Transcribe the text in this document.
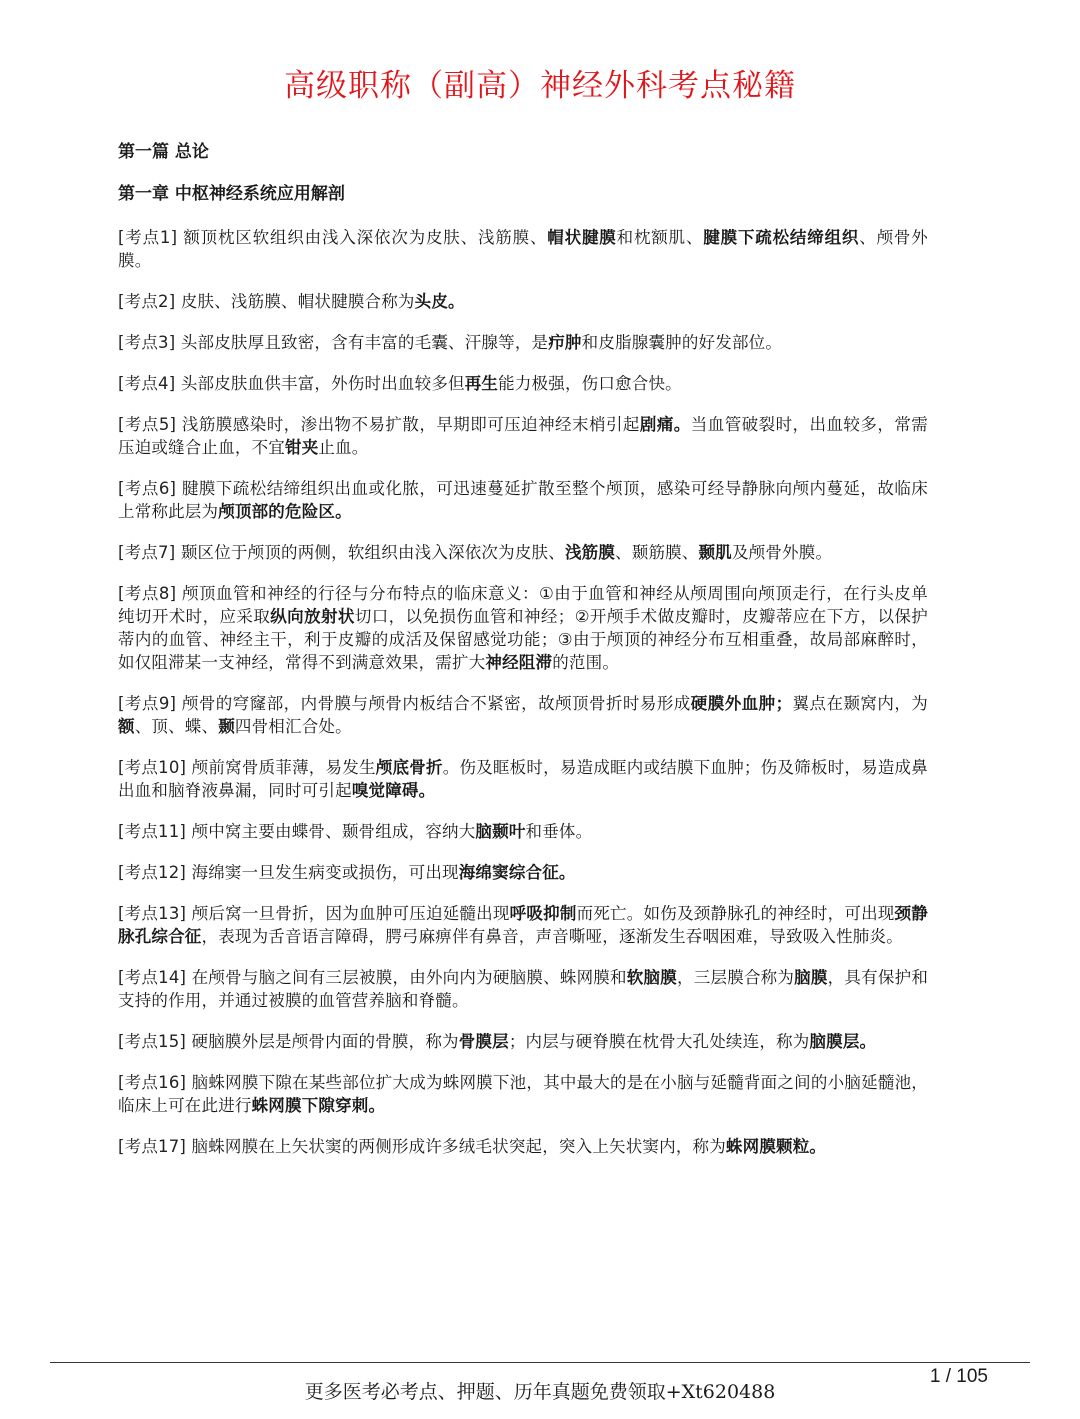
高级职称（副高）神经外科考点秘籍

第一篇 总论

第一章 中枢神经系统应用解剖

[考点1] 额顶枕区软组织由浅入深依次为皮肤、浅筋膜、帽状腱膜和枕额肌、腱膜下疏松结缔组织、颅骨外膜。

[考点2] 皮肤、浅筋膜、帽状腱膜合称为头皮。

[考点3] 头部皮肤厚且致密，含有丰富的毛囊、汗腺等，是疖肿和皮脂腺囊肿的好发部位。

[考点4] 头部皮肤血供丰富，外伤时出血较多但再生能力极强，伤口愈合快。

[考点5] 浅筋膜感染时，渗出物不易扩散，早期即可压迫神经末梢引起剧痛。当血管破裂时，出血较多，常需压迫或缝合止血，不宜钳夹止血。

[考点6] 腱膜下疏松结缔组织出血或化脓，可迅速蔓延扩散至整个颅顶，感染可经导静脉向颅内蔓延，故临床上常称此层为颅顶部的危险区。

[考点7] 颞区位于颅顶的两侧，软组织由浅入深依次为皮肤、浅筋膜、颞筋膜、颞肌及颅骨外膜。

[考点8] 颅顶血管和神经的行径与分布特点的临床意义：①由于血管和神经从颅周围向颅顶走行，在行头皮单纯切开术时，应采取纵向放射状切口，以免损伤血管和神经；②开颅手术做皮瓣时，皮瓣蒂应在下方，以保护蒂内的血管、神经主干，利于皮瓣的成活及保留感觉功能；③由于颅顶的神经分布互相重叠，故局部麻醉时，如仅阻滞某一支神经，常得不到满意效果，需扩大神经阻滞的范围。

[考点9] 颅骨的穹窿部，内骨膜与颅骨内板结合不紧密，故颅顶骨折时易形成硬膜外血肿；翼点在颞窝内，为额、顶、蝶、颞四骨相汇合处。

[考点10] 颅前窝骨质菲薄，易发生颅底骨折。伤及眶板时，易造成眶内或结膜下血肿；伤及筛板时，易造成鼻出血和脑脊液鼻漏，同时可引起嗅觉障碍。

[考点11] 颅中窝主要由蝶骨、颞骨组成，容纳大脑颞叶和垂体。

[考点12] 海绵窦一旦发生病变或损伤，可出现海绵窦综合征。

[考点13] 颅后窝一旦骨折，因为血肿可压迫延髓出现呼吸抑制而死亡。如伤及颈静脉孔的神经时，可出现颈静脉孔综合征，表现为舌音语言障碍，腭弓麻痹伴有鼻音，声音嘶哑，逐渐发生吞咽困难，导致吸入性肺炎。

[考点14] 在颅骨与脑之间有三层被膜，由外向内为硬脑膜、蛛网膜和软脑膜，三层膜合称为脑膜，具有保护和支持的作用，并通过被膜的血管营养脑和脊髓。

[考点15] 硬脑膜外层是颅骨内面的骨膜，称为骨膜层；内层与硬脊膜在枕骨大孔处续连，称为脑膜层。

[考点16] 脑蛛网膜下隙在某些部位扩大成为蛛网膜下池，其中最大的是在小脑与延髓背面之间的小脑延髓池，临床上可在此进行蛛网膜下隙穿刺。

[考点17] 脑蛛网膜在上矢状窦的两侧形成许多绒毛状突起，突入上矢状窦内，称为蛛网膜颗粒。

1 / 105
更多医考必考点、押题、历年真题免费领取+Xt620488
